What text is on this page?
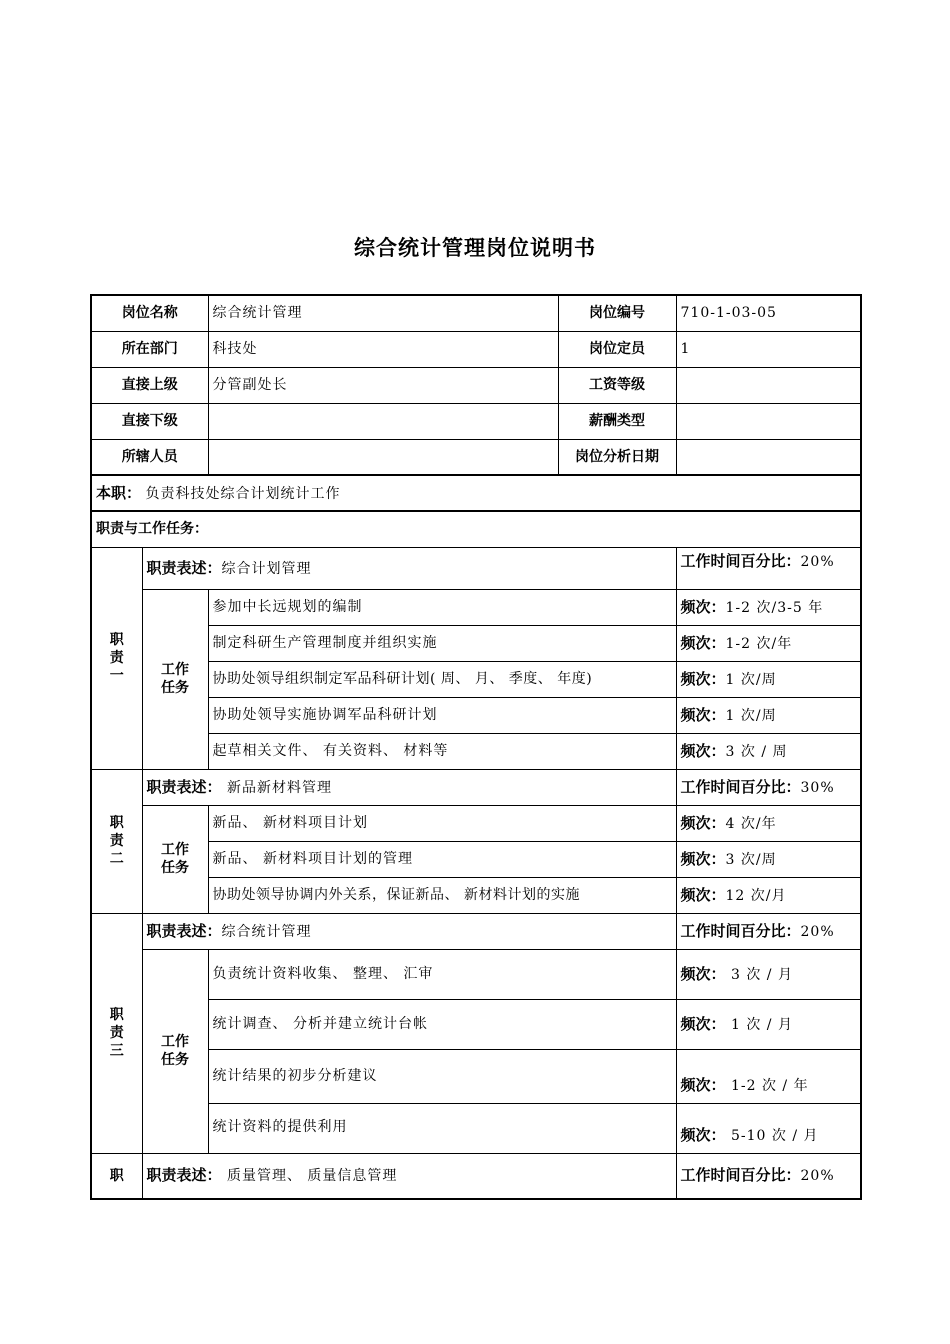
综合统计管理岗位说明书
岗位名称		综合统计管理	岗位编号	710-1-03-05
所在部门		科技处	岗位定员	1
直接上级		分管副处长	工资等级	
直接下级			薪酬类型	
所辖人员			岗位分析日期	
本职： 负责科技处综合计划统计工作				
职责与工作任务：				

职
责
一	职责表述：综合计划管理			工作时间百分比：20%

	工作
任务	参加中长远规划的编制		频次：1-2 次/3-5 年
		制定科研生产管理制度并组织实施		频次：1-2 次/年
		协助处领导组织制定军品科研计划( 周、 月、 季度、 年度)		频次：1 次/周
		协助处领导实施协调军品科研计划		频次：1 次/周
		起草相关文件、 有关资料、 材料等		频次：3 次 / 周

职
责
二	职责表述： 新品新材料管理			工作时间百分比：30%

	工作
任务	新品、 新材料项目计划		频次：4 次/年
		新品、 新材料项目计划的管理		频次：3 次/周
		协助处领导协调内外关系，保证新品、 新材料计划的实施		频次：12 次/月

职
责
三	职责表述：综合统计管理			工作时间百分比：20%

	工作
任务	负责统计资料收集、 整理、 汇审		频次： 3 次 / 月
		统计调查、 分析并建立统计台帐		频次： 1 次 / 月
		统计结果的初步分析建议		频次： 1-2 次 / 年
		统计资料的提供利用		频次： 5-10 次 / 月
职	职责表述： 质量管理、 质量信息管理			工作时间百分比：20%
